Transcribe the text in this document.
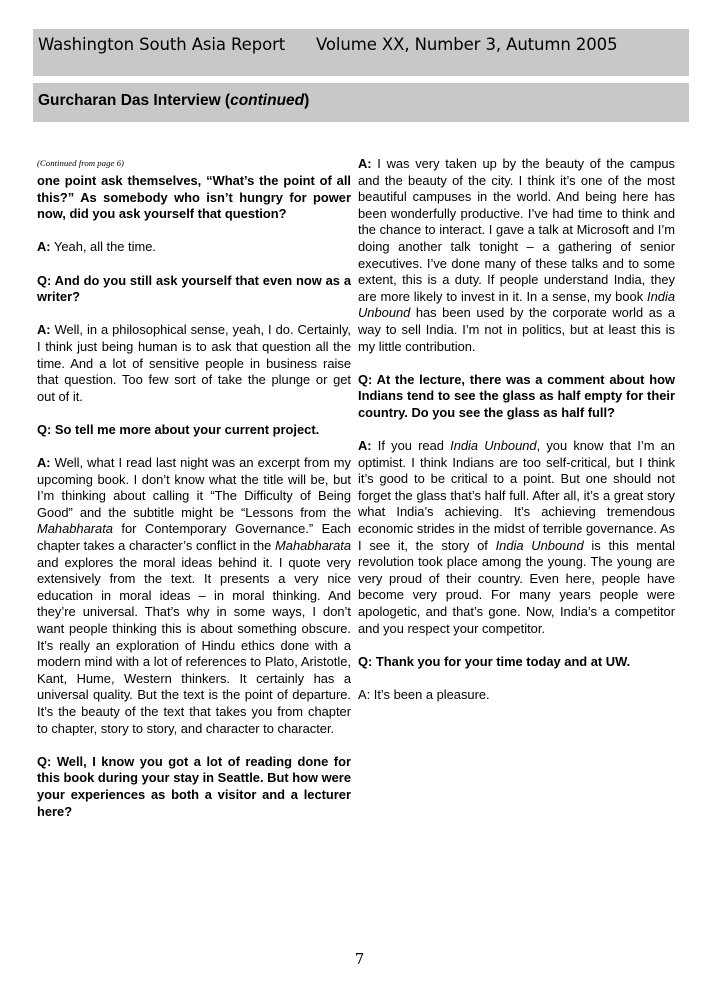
Washington South Asia Report Volume XX, Number 3, Autumn 2005
Gurcharan Das Interview (continued)
(Continued from page 6)

one point ask themselves, “What’s the point of all this?” As somebody who isn’t hungry for power now, did you ask yourself that question?

A: Yeah, all the time.

Q: And do you still ask yourself that even now as a writer?

A: Well, in a philosophical sense, yeah, I do. Certainly, I think just being human is to ask that question all the time. And a lot of sensitive people in business raise that question. Too few sort of take the plunge or get out of it.

Q: So tell me more about your current project.

A: Well, what I read last night was an excerpt from my upcoming book. I don’t know what the title will be, but I’m thinking about calling it “The Difficulty of Being Good” and the subtitle might be “Lessons from the Mahabharata for Contemporary Governance.” Each chapter takes a character’s conflict in the Mahabharata and explores the moral ideas behind it. I quote very extensively from the text. It presents a very nice education in moral ideas – in moral thinking. And they’re universal. That’s why in some ways, I don’t want people thinking this is about something obscure. It’s really an exploration of Hindu ethics done with a modern mind with a lot of references to Plato, Aristotle, Kant, Hume, Western thinkers. It certainly has a universal quality. But the text is the point of departure. It’s the beauty of the text that takes you from chapter to chapter, story to story, and character to character.

Q: Well, I know you got a lot of reading done for this book during your stay in Seattle. But how were your experiences as both a visitor and a lecturer here?

A: I was very taken up by the beauty of the campus and the beauty of the city. I think it’s one of the most beautiful campuses in the world. And being here has been wonderfully productive. I’ve had time to think and the chance to interact. I gave a talk at Microsoft and I’m doing another talk tonight – a gathering of senior executives. I’ve done many of these talks and to some extent, this is a duty. If people understand India, they are more likely to invest in it. In a sense, my book India Unbound has been used by the corporate world as a way to sell India. I’m not in politics, but at least this is my little contribution.

Q: At the lecture, there was a comment about how Indians tend to see the glass as half empty for their country. Do you see the glass as half full?

A: If you read India Unbound, you know that I’m an optimist. I think Indians are too self-critical, but I think it’s good to be critical to a point. But one should not forget the glass that’s half full. After all, it’s a great story what India’s achieving. It’s achieving tremendous economic strides in the midst of terrible governance. As I see it, the story of India Unbound is this mental revolution took place among the young. The young are very proud of their country. Even here, people have become very proud. For many years people were apologetic, and that’s gone. Now, India’s a competitor and you respect your competitor.

Q: Thank you for your time today and at UW.

A: It’s been a pleasure.

7
